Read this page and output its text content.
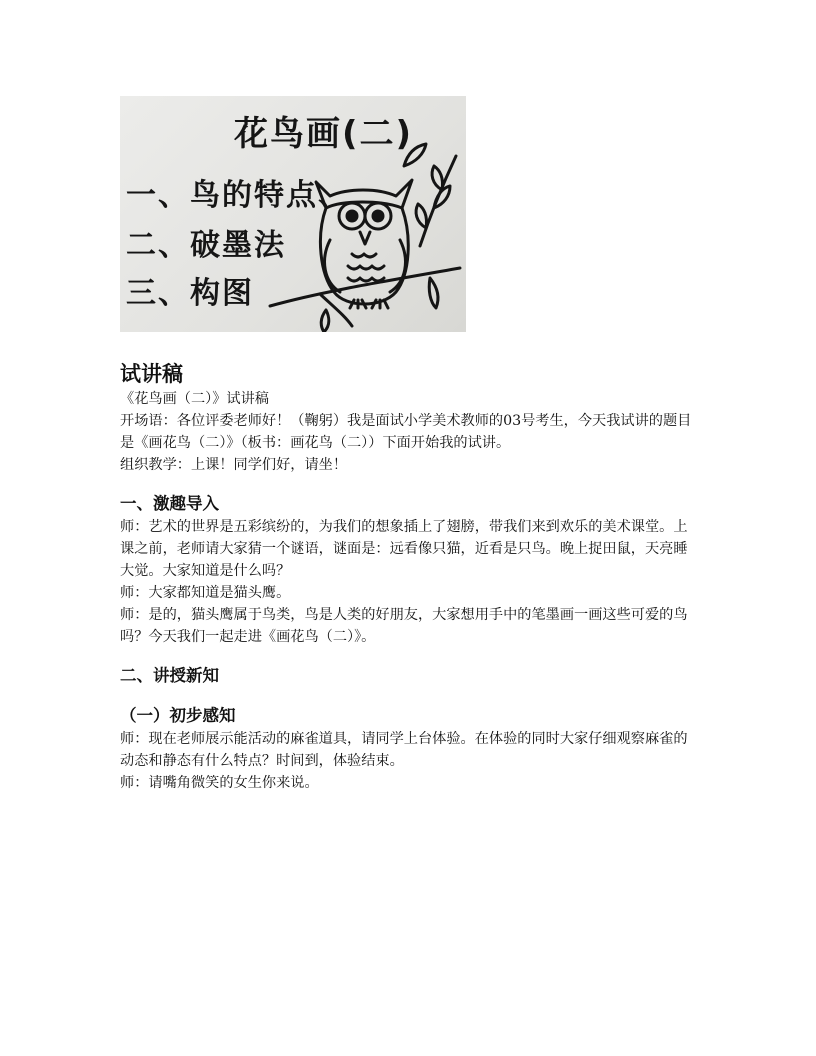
花鸟画(二)
一、鸟的特点、
二、破墨法
三、构图
试讲稿

《花鸟画（二）》试讲稿

开场语：各位评委老师好！（鞠躬）我是面试小学美术教师的03号考生，今天我试讲的题目是《画花鸟（二）》（板书：画花鸟（二））下面开始我的试讲。

组织教学：上课！同学们好，请坐！

一、激趣导入

师：艺术的世界是五彩缤纷的，为我们的想象插上了翅膀，带我们来到欢乐的美术课堂。上课之前，老师请大家猜一个谜语，谜面是：远看像只猫，近看是只鸟。晚上捉田鼠，天亮睡大觉。大家知道是什么吗？

师：大家都知道是猫头鹰。

师：是的，猫头鹰属于鸟类，鸟是人类的好朋友，大家想用手中的笔墨画一画这些可爱的鸟吗？今天我们一起走进《画花鸟（二）》。

二、讲授新知
（一）初步感知

师：现在老师展示能活动的麻雀道具，请同学上台体验。在体验的同时大家仔细观察麻雀的动态和静态有什么特点？时间到，体验结束。

师：请嘴角微笑的女生你来说。
